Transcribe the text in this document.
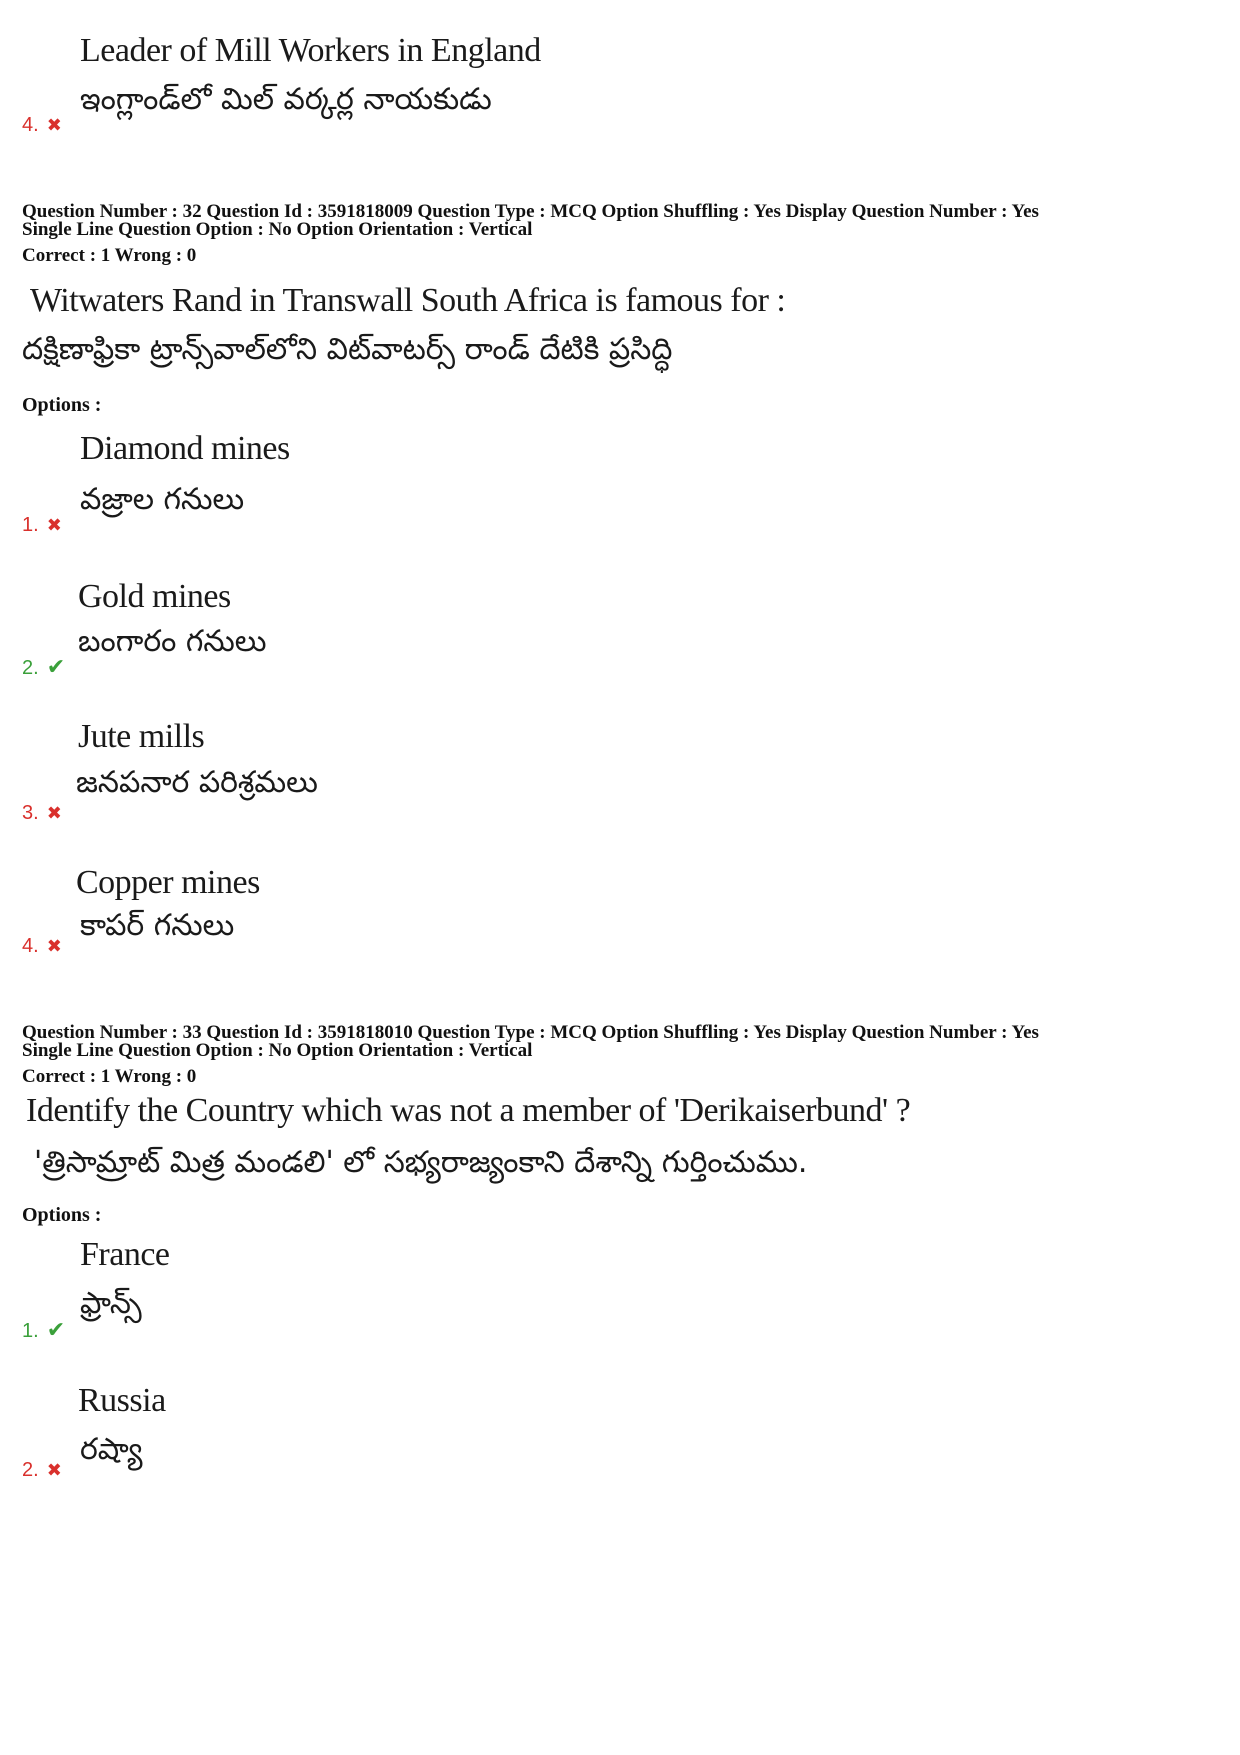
Leader of Mill Workers in England
ఇంగ్లాండ్‌లో మిల్ వర్కర్ల నాయకుడు
4. ✖
Question Number : 32 Question Id : 3591818009 Question Type : MCQ Option Shuffling : Yes Display Question Number : Yes
Single Line Question Option : No Option Orientation : Vertical
Correct : 1 Wrong : 0
Witwaters Rand in Transwall South Africa is famous for :
దక్షిణాఫ్రికా ట్రాన్స్‌వాల్‌లోని విట్‌వాటర్స్ రాండ్ దేటికి ప్రసిద్ధి
Options :
Diamond mines
వజ్రాల గనులు
1. ✖
Gold mines
బంగారం గనులు
2. ✔
Jute mills
జనపనార పరిశ్రమలు
3. ✖
Copper mines
కాపర్ గనులు
4. ✖
Question Number : 33 Question Id : 3591818010 Question Type : MCQ Option Shuffling : Yes Display Question Number : Yes
Single Line Question Option : No Option Orientation : Vertical
Correct : 1 Wrong : 0
Identify the Country which was not a member of 'Derikaiserbund' ?
'త్రిసామ్రాట్ మిత్ర మండలి' లో సభ్యరాజ్యంకాని దేశాన్ని గుర్తించుము.
Options :
France
ఫ్రాన్స్
1. ✔
Russia
రష్యా
2. ✖
